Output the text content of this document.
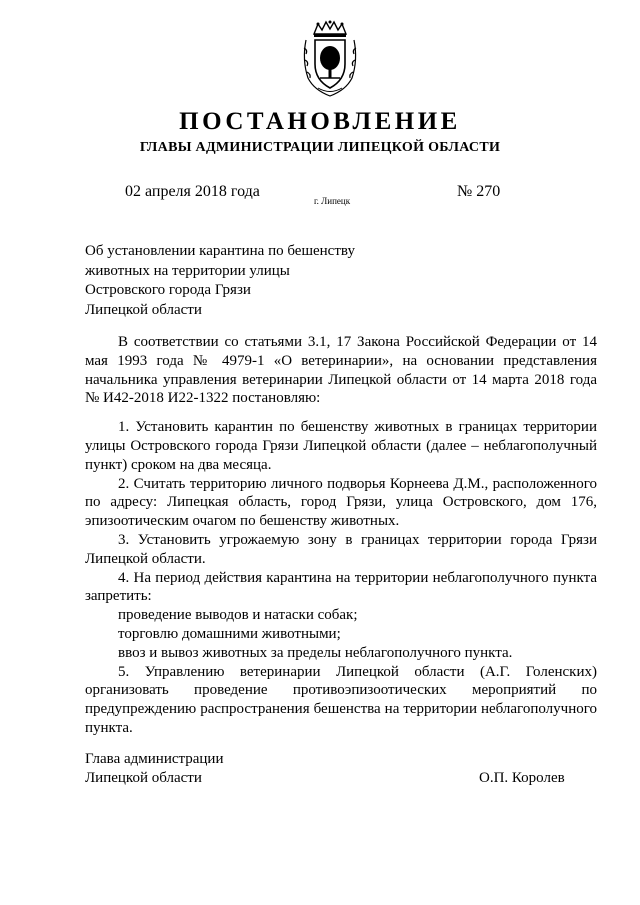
ПОСТАНОВЛЕНИЕ
ГЛАВЫ АДМИНИСТРАЦИИ ЛИПЕЦКОЙ ОБЛАСТИ
02 апреля 2018 года
г. Липецк
№ 270
Об установлении карантина по бешенству
животных на территории улицы
Островского города Грязи
Липецкой области

В соответствии со статьями 3.1, 17 Закона Российской Федерации от 14 мая 1993 года № 4979-1 «О ветеринарии», на основании представления начальника управления ветеринарии Липецкой области от 14 марта 2018 года № И42-2018 И22-1322 постановляю:

1. Установить карантин по бешенству животных в границах территории улицы Островского города Грязи Липецкой области (далее – неблагополучный пункт) сроком на два месяца.

2. Считать территорию личного подворья Корнеева Д.М., расположенного по адресу: Липецкая область, город Грязи, улица Островского, дом 176, эпизоотическим очагом по бешенству животных.

3. Установить угрожаемую зону в границах территории города Грязи Липецкой области.

4. На период действия карантина на территории неблагополучного пункта запретить:

проведение выводов и натаски собак;

торговлю домашними животными;

ввоз и вывоз животных за пределы неблагополучного пункта.

5. Управлению ветеринарии Липецкой области (А.Г. Голенских) организовать проведение противоэпизоотических мероприятий по предупреждению распространения бешенства на территории неблагополучного пункта.

Глава администрации
Липецкой области	О.П. Королев
